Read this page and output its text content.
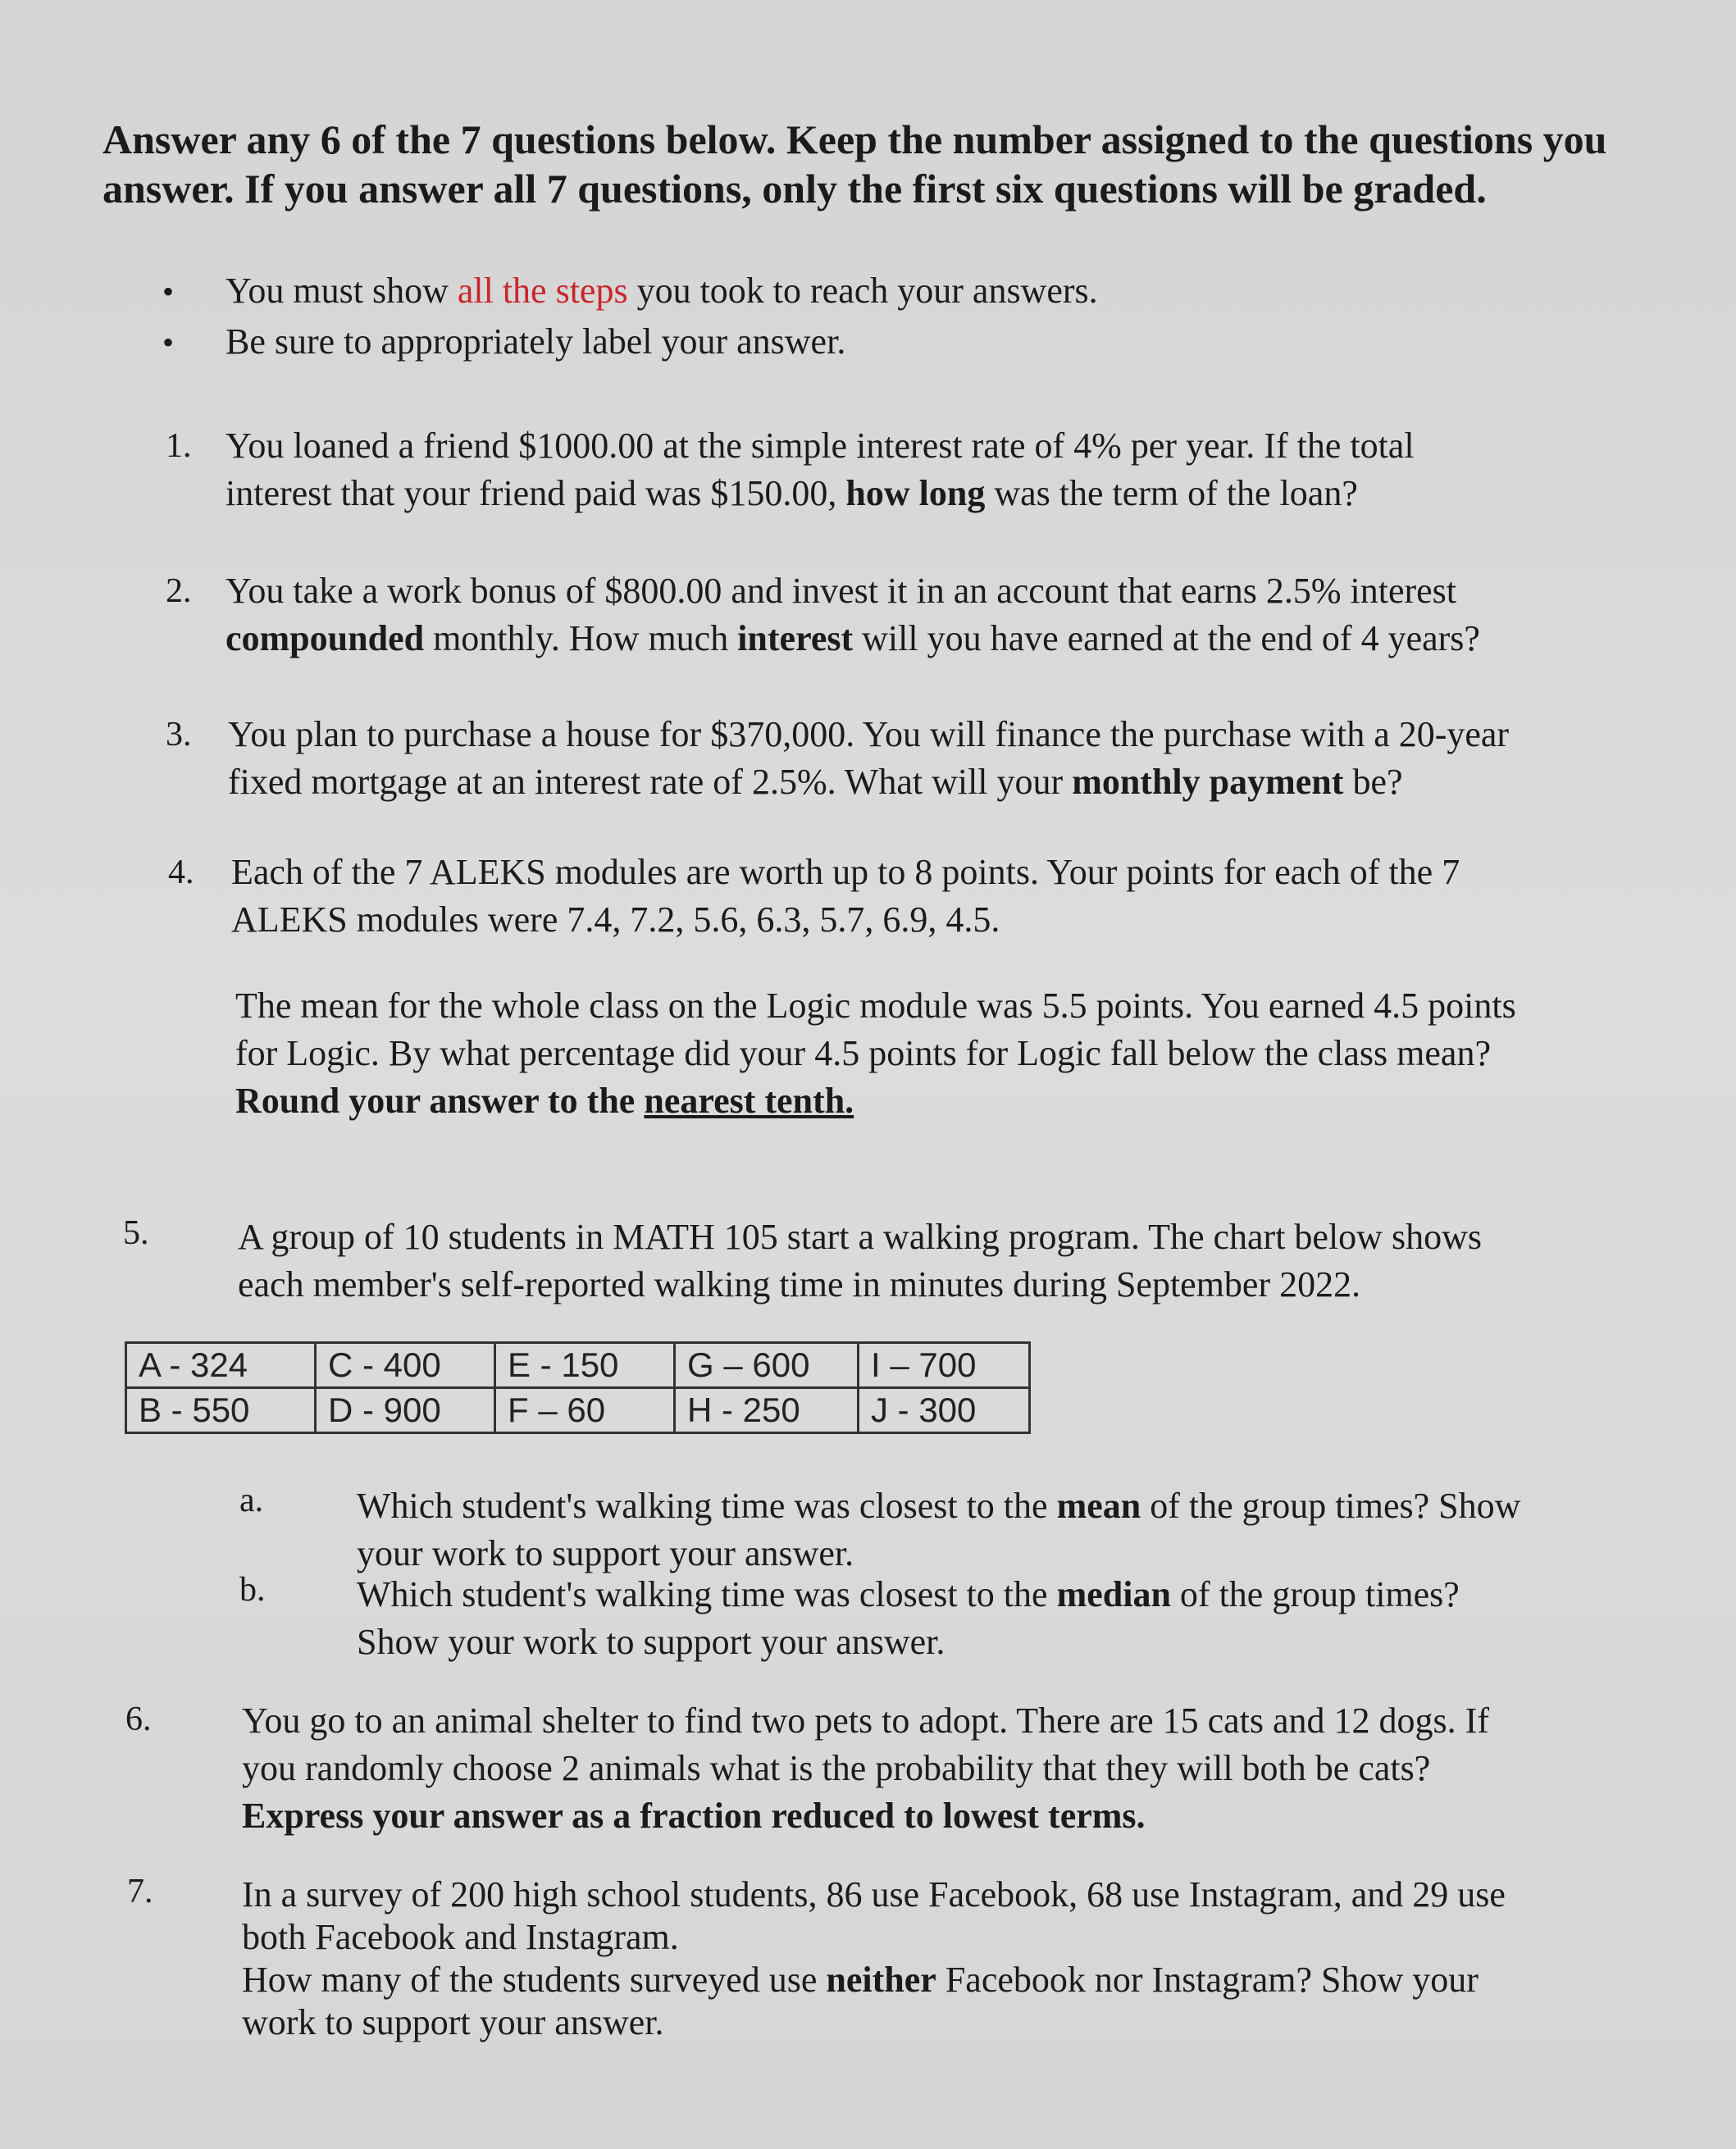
Answer any 6 of the 7 questions below. Keep the number assigned to the questions you
answer. If you answer all 7 questions, only the first six questions will be graded.
• You must show all the steps you took to reach your answers.
• Be sure to appropriately label your answer.
1. You loaned a friend $1000.00 at the simple interest rate of 4% per year. If the total
interest that your friend paid was $150.00, how long was the term of the loan?
2. You take a work bonus of $800.00 and invest it in an account that earns 2.5% interest
compounded monthly. How much interest will you have earned at the end of 4 years?
3. You plan to purchase a house for $370,000. You will finance the purchase with a 20-year
fixed mortgage at an interest rate of 2.5%. What will your monthly payment be?
4. Each of the 7 ALEKS modules are worth up to 8 points. Your points for each of the 7
ALEKS modules were 7.4, 7.2, 5.6, 6.3, 5.7, 6.9, 4.5.
The mean for the whole class on the Logic module was 5.5 points. You earned 4.5 points
for Logic. By what percentage did your 4.5 points for Logic fall below the class mean?
Round your answer to the nearest tenth.
5. A group of 10 students in MATH 105 start a walking program. The chart below shows
each member's self-reported walking time in minutes during September 2022.
A - 324	C - 400	E - 150	G – 600	I – 700
B - 550	D - 900	F – 60	H - 250	J - 300
a.	Which student's walking time was closest to the mean of the group times? Show
your work to support your answer.
b.	Which student's walking time was closest to the median of the group times?
Show your work to support your answer.
6.	You go to an animal shelter to find two pets to adopt. There are 15 cats and 12 dogs. If
you randomly choose 2 animals what is the probability that they will both be cats?
Express your answer as a fraction reduced to lowest terms.
7. In a survey of 200 high school students, 86 use Facebook, 68 use Instagram, and 29 use
both Facebook and Instagram.
How many of the students surveyed use neither Facebook nor Instagram? Show your
work to support your answer.
